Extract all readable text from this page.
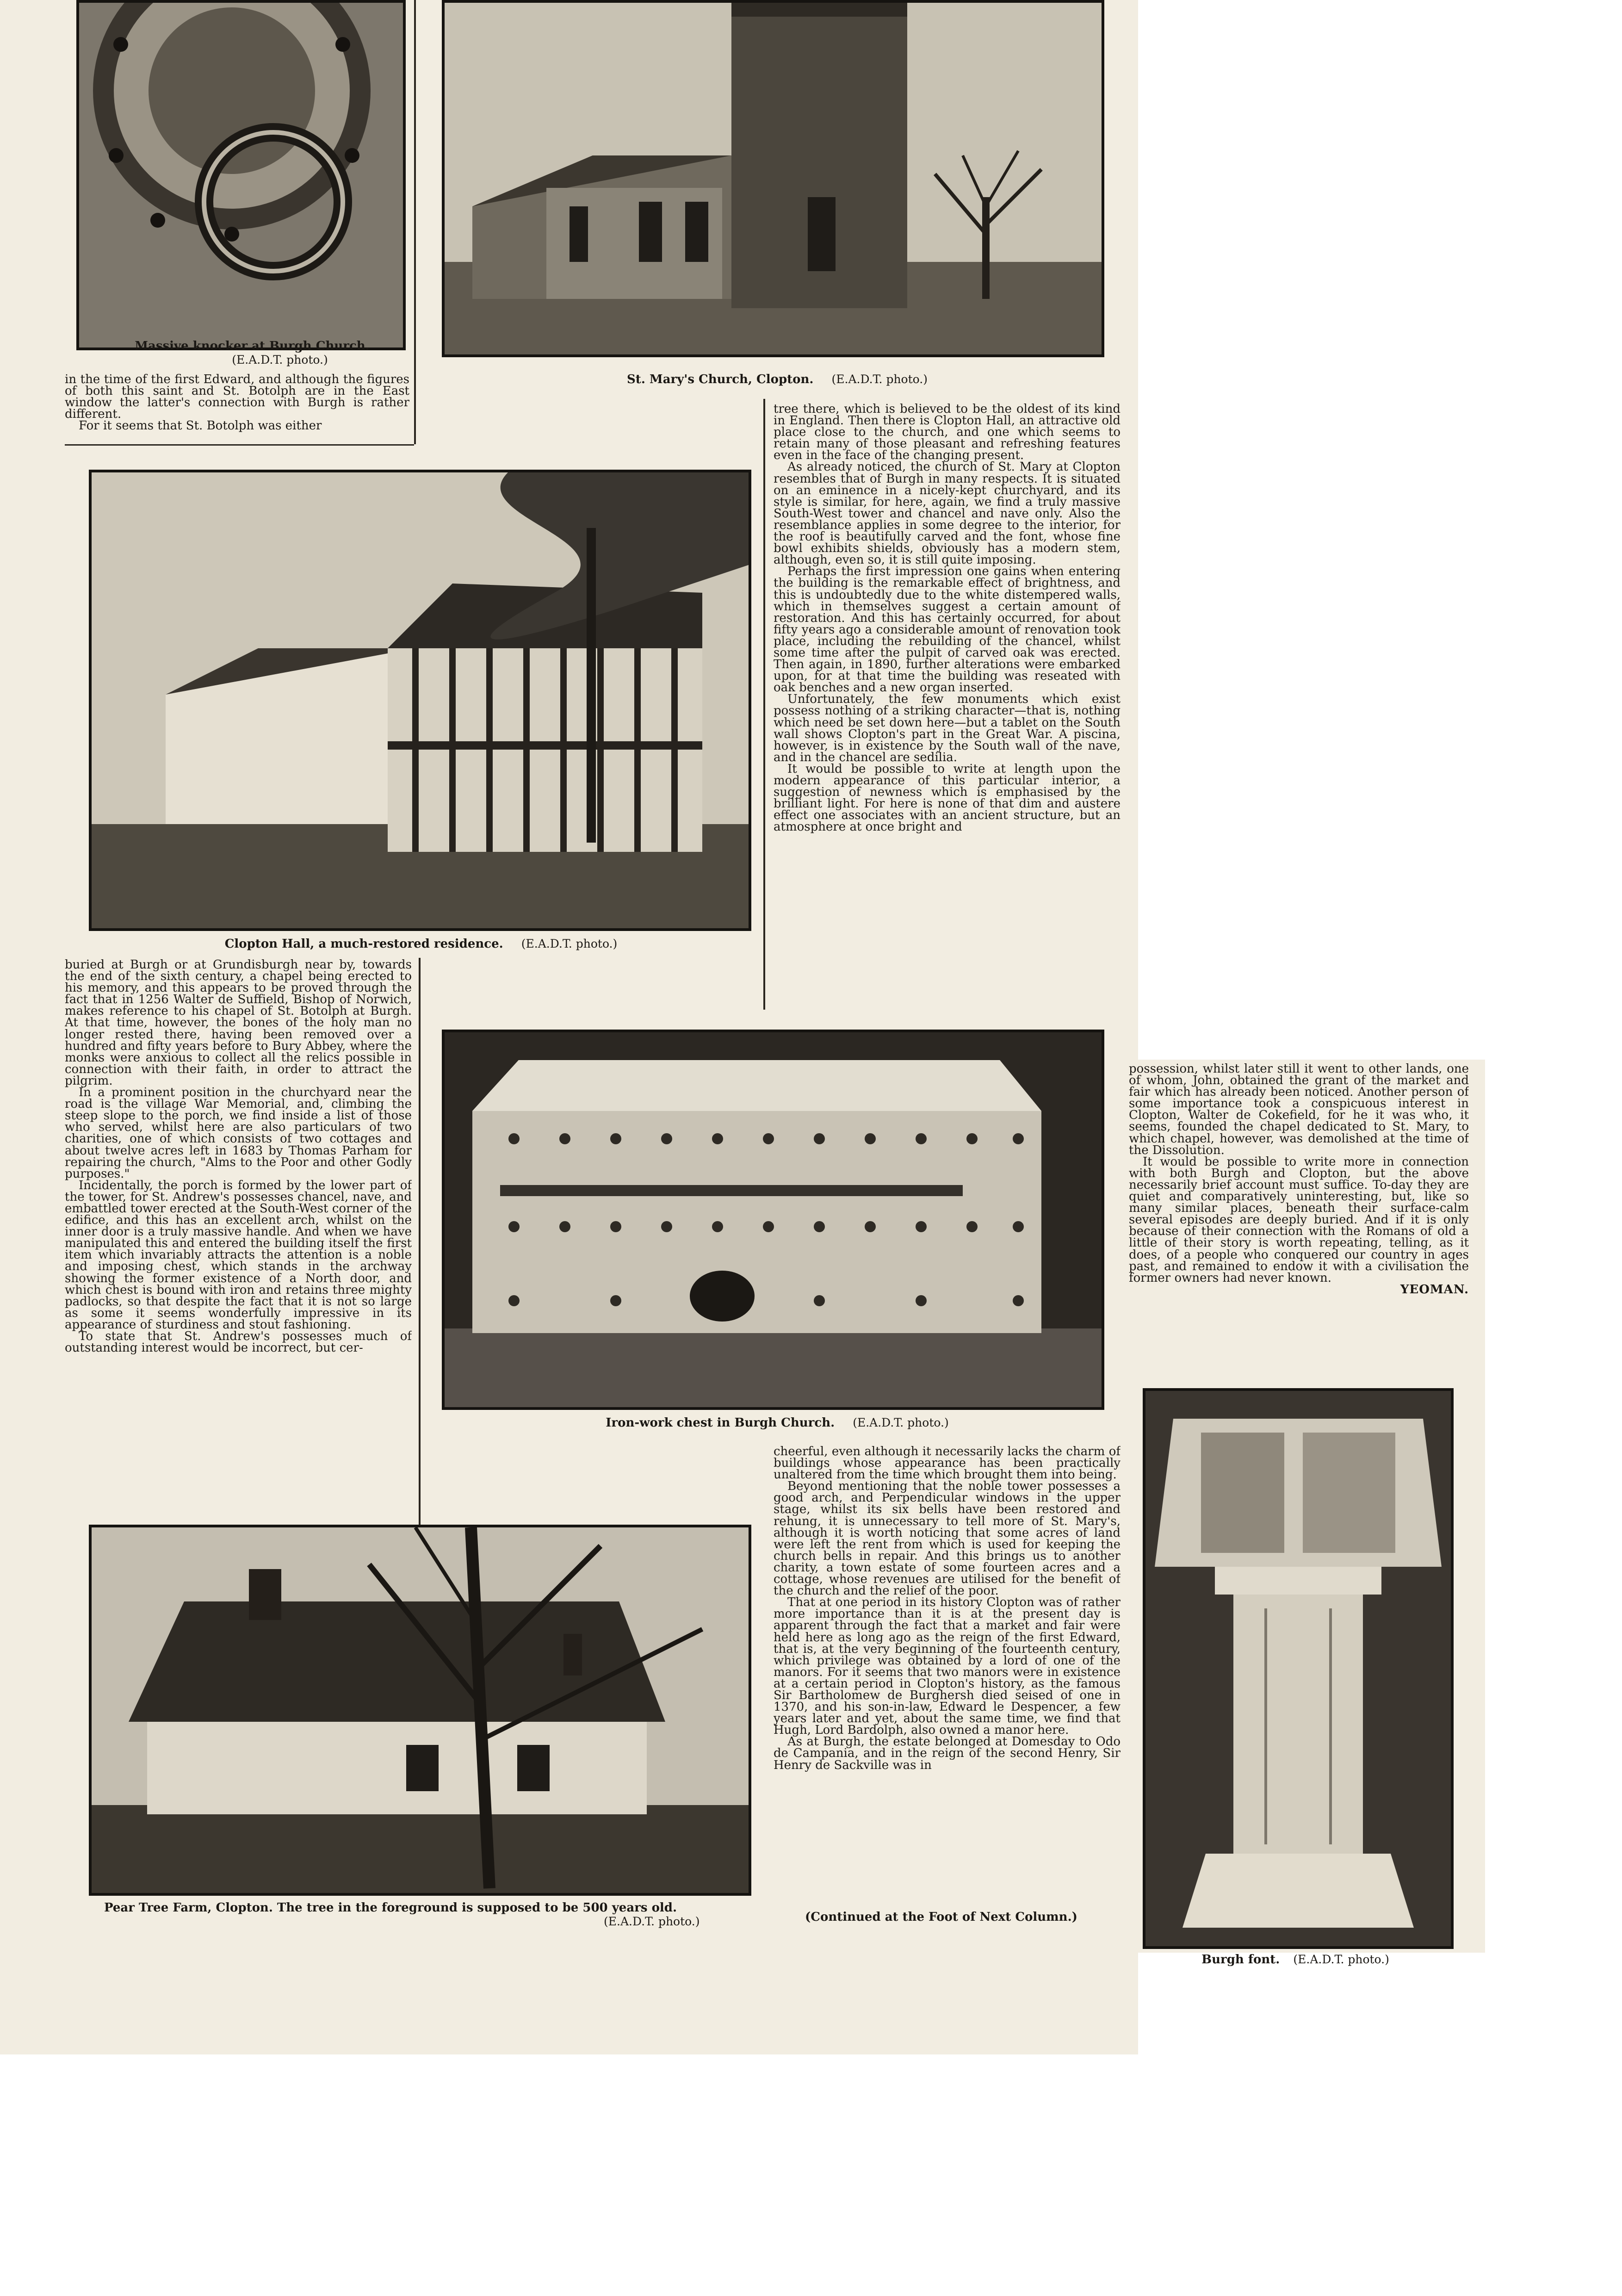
Massive knocker at Burgh Church.
(E.A.D.T. photo.)
St. Mary's Church, Clopton. (E.A.D.T. photo.)

in the time of the first Edward, and although the figures of both this saint and St. Botolph are in the East window the latter's connection with Burgh is rather different.

For it seems that St. Botolph was either

Clopton Hall, a much-restored residence. (E.A.D.T. photo.)

tree there, which is believed to be the oldest of its kind in England. Then there is Clopton Hall, an attractive old place close to the church, and one which seems to retain many of those pleasant and refreshing features even in the face of the changing present.

As already noticed, the church of St. Mary at Clopton resembles that of Burgh in many respects. It is situated on an eminence in a nicely-kept churchyard, and its style is similar, for here, again, we find a truly massive South-West tower and chancel and nave only. Also the resemblance applies in some degree to the interior, for the roof is beautifully carved and the font, whose fine bowl exhibits shields, obviously has a modern stem, although, even so, it is still quite imposing.

Perhaps the first impression one gains when entering the building is the remarkable effect of brightness, and this is undoubtedly due to the white distempered walls, which in themselves suggest a certain amount of restoration. And this has certainly occurred, for about fifty years ago a considerable amount of renovation took place, including the rebuilding of the chancel, whilst some time after the pulpit of carved oak was erected. Then again, in 1890, further alterations were embarked upon, for at that time the building was reseated with oak benches and a new organ inserted.

Unfortunately, the few monuments which exist possess nothing of a striking character—that is, nothing which need be set down here—but a tablet on the South wall shows Clopton's part in the Great War. A piscina, however, is in existence by the South wall of the nave, and in the chancel are sedilia.

It would be possible to write at length upon the modern appearance of this particular interior, a suggestion of newness which is emphasised by the brilliant light. For here is none of that dim and austere effect one associates with an ancient structure, but an atmosphere at once bright and

buried at Burgh or at Grundisburgh near by, towards the end of the sixth century, a chapel being erected to his memory, and this appears to be proved through the fact that in 1256 Walter de Suffield, Bishop of Norwich, makes reference to his chapel of St. Botolph at Burgh. At that time, however, the bones of the holy man no longer rested there, having been removed over a hundred and fifty years before to Bury Abbey, where the monks were anxious to collect all the relics possible in connection with their faith, in order to attract the pilgrim.

In a prominent position in the churchyard near the road is the village War Memorial, and, climbing the steep slope to the porch, we find inside a list of those who served, whilst here are also particulars of two charities, one of which consists of two cottages and about twelve acres left in 1683 by Thomas Parham for repairing the church, "Alms to the Poor and other Godly purposes."

Incidentally, the porch is formed by the lower part of the tower, for St. Andrew's possesses chancel, nave, and embattled tower erected at the South-West corner of the edifice, and this has an excellent arch, whilst on the inner door is a truly massive handle. And when we have manipulated this and entered the building itself the first item which invariably attracts the attention is a noble and imposing chest, which stands in the archway showing the former existence of a North door, and which chest is bound with iron and retains three mighty padlocks, so that despite the fact that it is not so large as some it seems wonderfully impressive in its appearance of sturdiness and stout fashioning.

To state that St. Andrew's possesses much of outstanding interest would be incorrect, but cer-

Iron-work chest in Burgh Church. (E.A.D.T. photo.)

cheerful, even although it necessarily lacks the charm of buildings whose appearance has been practically unaltered from the time which brought them into being.

Beyond mentioning that the noble tower possesses a good arch, and Perpendicular windows in the upper stage, whilst its six bells have been restored and rehung, it is unnecessary to tell more of St. Mary's, although it is worth noticing that some acres of land were left the rent from which is used for keeping the church bells in repair. And this brings us to another charity, a town estate of some fourteen acres and a cottage, whose revenues are utilised for the benefit of the church and the relief of the poor.

That at one period in its history Clopton was of rather more importance than it is at the present day is apparent through the fact that a market and fair were held here as long ago as the reign of the first Edward, that is, at the very beginning of the fourteenth century, which privilege was obtained by a lord of one of the manors. For it seems that two manors were in existence at a certain period in Clopton's history, as the famous Sir Bartholomew de Burghersh died seised of one in 1370, and his son-in-law, Edward le Despencer, a few years later and yet, about the same time, we find that Hugh, Lord Bardolph, also owned a manor here.

As at Burgh, the estate belonged at Domesday to Odo de Campania, and in the reign of the second Henry, Sir Henry de Sackville was in

(Continued at the Foot of Next Column.)
Pear Tree Farm, Clopton. The tree in the foreground is supposed to be 500 years old.
(E.A.D.T. photo.)

possession, whilst later still it went to other lands, one of whom, John, obtained the grant of the market and fair which has already been noticed. Another person of some importance took a conspicuous interest in Clopton, Walter de Cokefield, for he it was who, it seems, founded the chapel dedicated to St. Mary, to which chapel, however, was demolished at the time of the Dissolution.

It would be possible to write more in connection with both Burgh and Clopton, but the above necessarily brief account must suffice. To-day they are quiet and comparatively uninteresting, but, like so many similar places, beneath their surface-calm several episodes are deeply buried. And if it is only because of their connection with the Romans of old a little of their story is worth repeating, telling, as it does, of a people who conquered our country in ages past, and remained to endow it with a civilisation the former owners had never known.

YEOMAN.

Burgh font. (E.A.D.T. photo.)
